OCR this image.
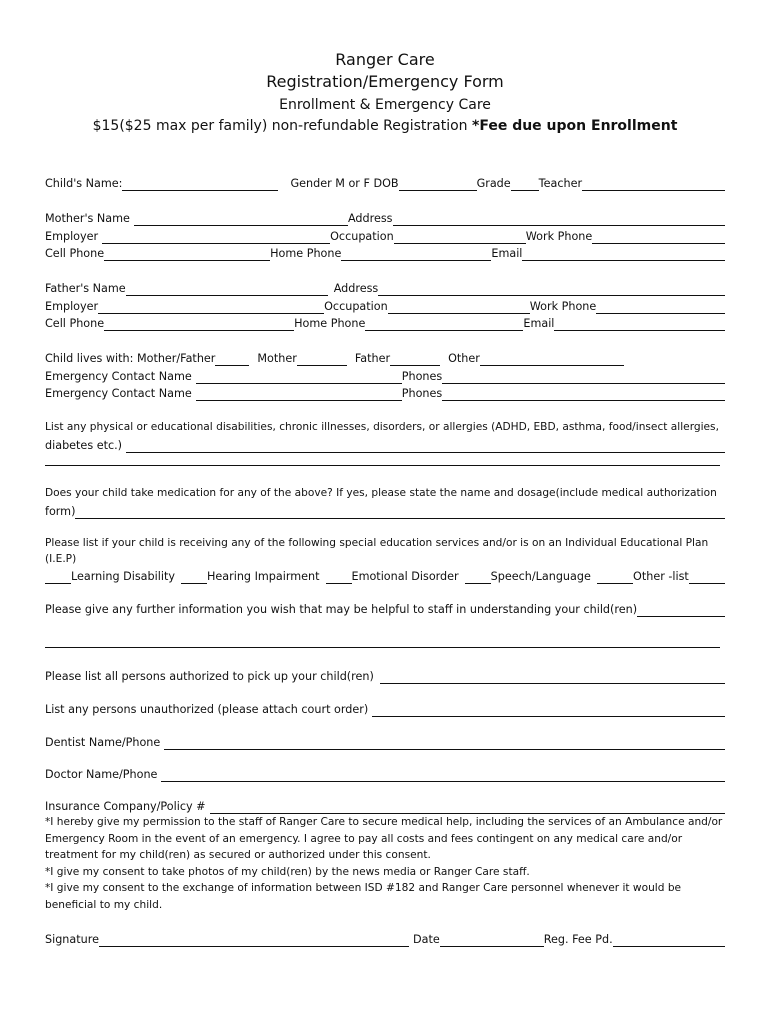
Ranger Care
Registration/Emergency Form
Enrollment & Emergency Care
$15($25 max per family) non-refundable Registration *Fee due upon Enrollment
Child's Name:	Gender M or F DOB	Grade	Teacher
Mother's Name	Address
Employer	Occupation	Work Phone
Cell Phone	Home Phone	Email
Father's Name	Address
Employer	Occupation	Work Phone
Cell Phone	Home Phone	Email
Child lives with: Mother/Father	Mother	Father	Other
Emergency Contact Name	Phones
Emergency Contact Name	Phones
List any physical or educational disabilities, chronic illnesses, disorders, or allergies (ADHD, EBD, asthma, food/insect allergies,
diabetes etc.)
Does your child take medication for any of the above? If yes, please state the name and dosage(include medical authorization
form)
Please list if your child is receiving any of the following special education services and/or is on an Individual Educational Plan
(I.E.P)
Learning Disability	Hearing Impairment	Emotional Disorder	Speech/Language	Other -list
Please give any further information you wish that may be helpful to staff in understanding your child(ren)
Please list all persons authorized to pick up your child(ren)
List any persons unauthorized (please attach court order)
Dentist Name/Phone
Doctor Name/Phone
Insurance Company/Policy #
*I hereby give my permission to the staff of Ranger Care to secure medical help, including the services of an Ambulance and/or
Emergency Room in the event of an emergency. I agree to pay all costs and fees contingent on any medical care and/or
treatment for my child(ren) as secured or authorized under this consent.
*I give my consent to take photos of my child(ren) by the news media or Ranger Care staff.
*I give my consent to the exchange of information between ISD #182 and Ranger Care personnel whenever it would be
beneficial to my child.
Signature	Date	Reg. Fee Pd.
